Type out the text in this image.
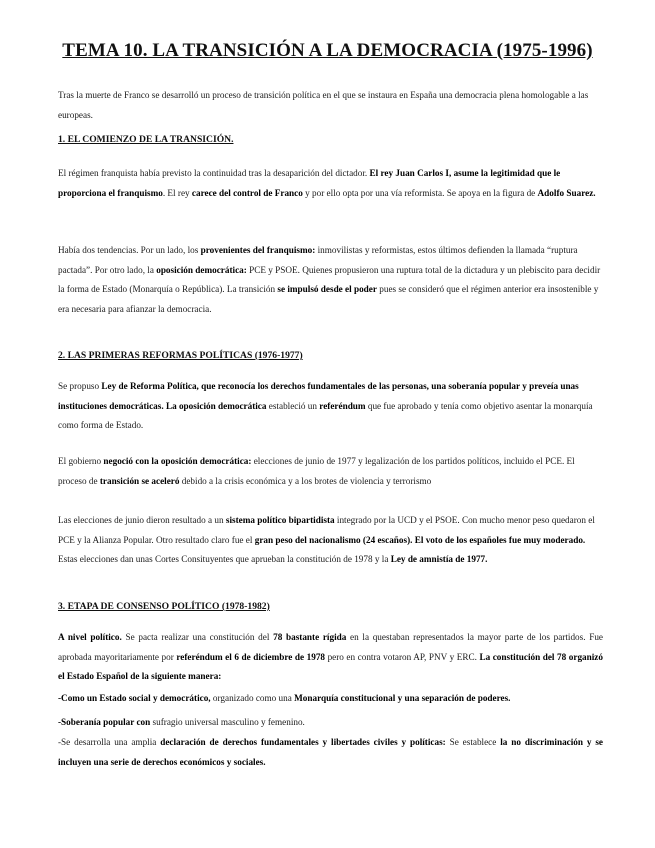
TEMA 10. LA TRANSICIÓN A LA DEMOCRACIA (1975-1996)

Tras la muerte de Franco se desarrolló un proceso de transición política en el que se instaura en España una democracia plena homologable a las europeas.

1. EL COMIENZO DE LA TRANSICIÓN.

El régimen franquista había previsto la continuidad tras la desaparición del dictador. El rey Juan Carlos I, asume la legitimidad que le proporciona el franquismo. El rey carece del control de Franco y por ello opta por una vía reformista. Se apoya en la figura de Adolfo Suarez.

Había dos tendencias. Por un lado, los provenientes del franquismo: inmovilistas y reformistas, estos últimos defienden la llamada “ruptura pactada”. Por otro lado, la oposición democrática: PCE y PSOE. Quienes propusieron una ruptura total de la dictadura y un plebiscito para decidir la forma de Estado (Monarquía o República). La transición se impulsó desde el poder pues se consideró que el régimen anterior era insostenible y era necesaria para afianzar la democracia.

2. LAS PRIMERAS REFORMAS POLÍTICAS (1976-1977)

Se propuso Ley de Reforma Política, que reconocía los derechos fundamentales de las personas, una soberanía popular y preveía unas instituciones democráticas. La oposición democrática estableció un referéndum que fue aprobado y tenía como objetivo asentar la monarquía como forma de Estado.

El gobierno negoció con la oposición democrática: elecciones de junio de 1977 y legalización de los partidos políticos, incluido el PCE. El proceso de transición se aceleró debido a la crisis económica y a los brotes de violencia y terrorismo

Las elecciones de junio dieron resultado a un sistema político bipartidista integrado por la UCD y el PSOE. Con mucho menor peso quedaron el PCE y la Alianza Popular. Otro resultado claro fue el gran peso del nacionalismo (24 escaños). El voto de los españoles fue muy moderado. Estas elecciones dan unas Cortes Consituyentes que aprueban la constitución de 1978 y la Ley de amnistía de 1977.

3. ETAPA DE CONSENSO POLÍTICO (1978-1982)

A nivel político. Se pacta realizar una constitución del 78 bastante rígida en la questaban representados la mayor parte de los partidos. Fue aprobada mayoritariamente por referéndum el 6 de diciembre de 1978 pero en contra votaron AP, PNV y ERC. La constitución del 78 organizó el Estado Español de la siguiente manera:

-Como un Estado social y democrático, organizado como una Monarquía constitucional y una separación de poderes.

-Soberanía popular con sufragio universal masculino y femenino.

-Se desarrolla una amplia declaración de derechos fundamentales y libertades civiles y políticas: Se establece la no discriminación y se incluyen una serie de derechos económicos y sociales.
